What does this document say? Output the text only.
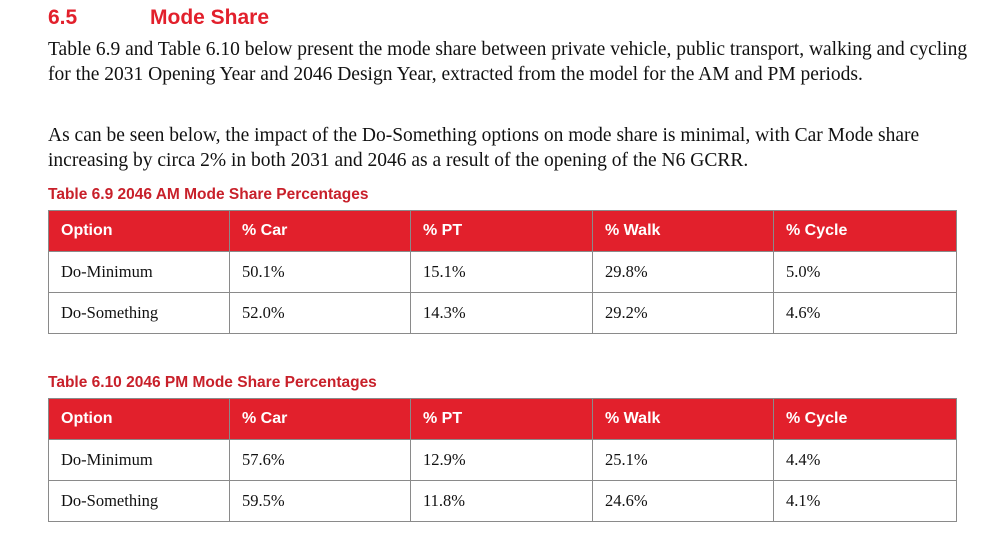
6.5	Mode Share

Table 6.9 and Table 6.10 below present the mode share between private vehicle, public transport, walking and cycling for the 2031 Opening Year and 2046 Design Year, extracted from the model for the AM and PM periods.

As can be seen below, the impact of the Do-Something options on mode share is minimal, with Car Mode share increasing by circa 2% in both 2031 and 2046 as a result of the opening of the N6 GCRR.

Table 6.9 2046 AM Mode Share Percentages
Option	% Car	% PT	% Walk	% Cycle
Do-Minimum	50.1%	15.1%	29.8%	5.0%
Do-Something	52.0%	14.3%	29.2%	4.6%
Table 6.10 2046 PM Mode Share Percentages
Option	% Car	% PT	% Walk	% Cycle
Do-Minimum	57.6%	12.9%	25.1%	4.4%
Do-Something	59.5%	11.8%	24.6%	4.1%
